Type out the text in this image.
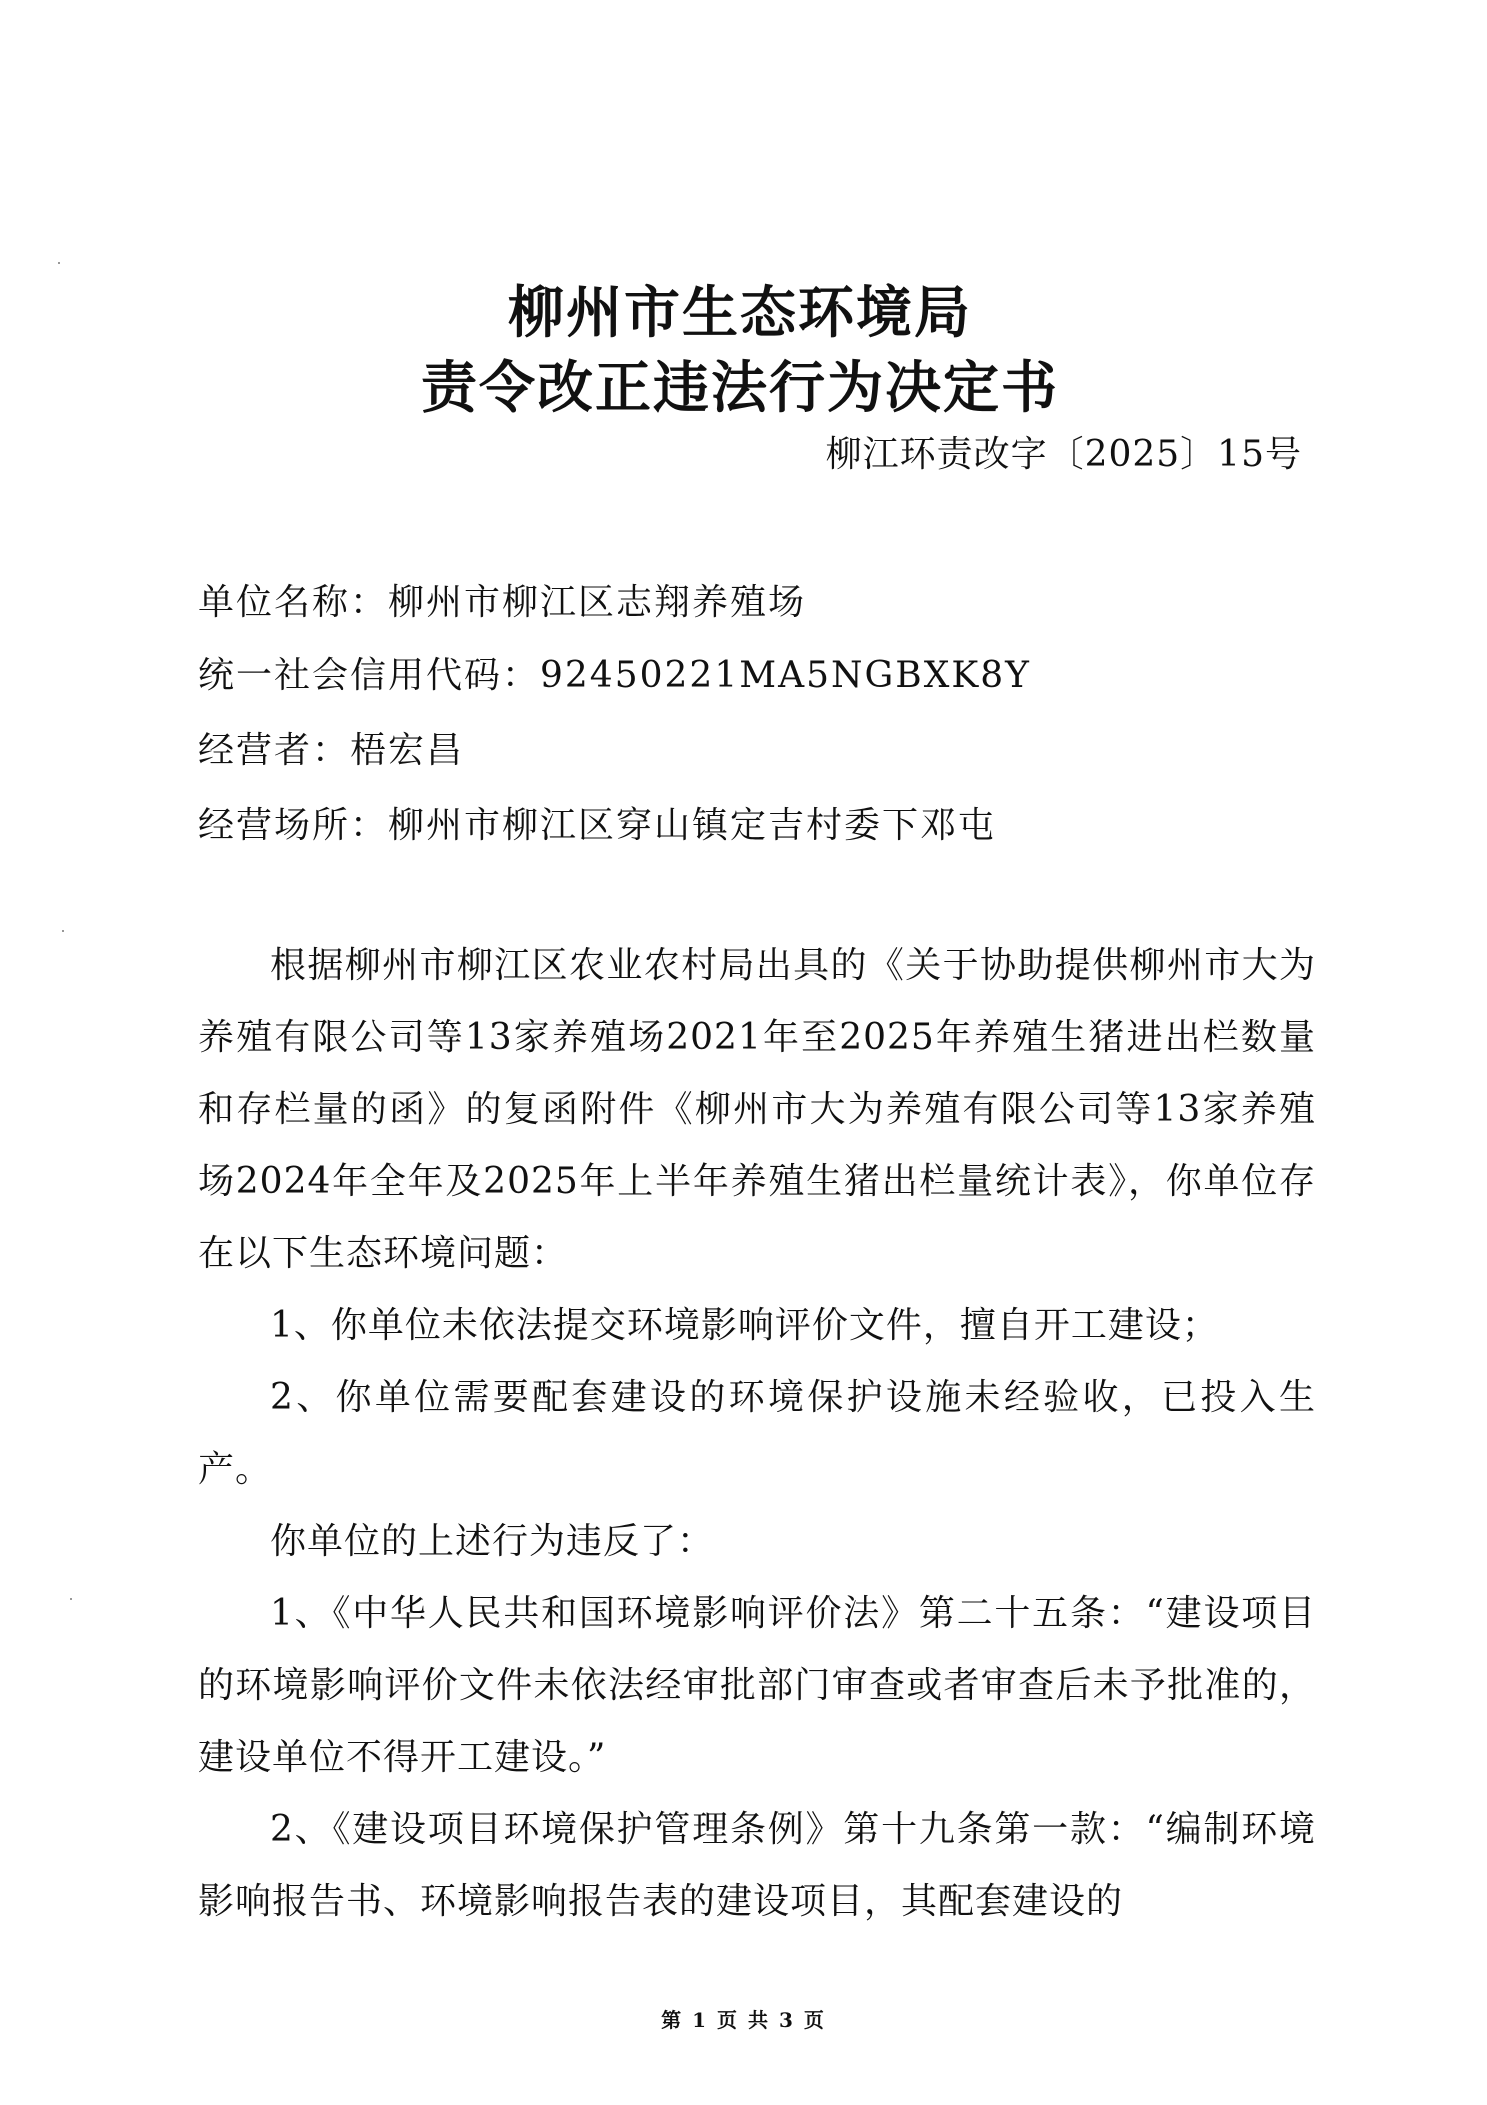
柳州市生态环境局
责令改正违法行为决定书
柳江环责改字〔2025〕15号
单位名称：柳州市柳江区志翔养殖场
统一社会信用代码：92450221MA5NGBXK8Y
经营者：梧宏昌
经营场所：柳州市柳江区穿山镇定吉村委下邓屯

根据柳州市柳江区农业农村局出具的《关于协助提供柳州市大为养殖有限公司等13家养殖场2021年至2025年养殖生猪进出栏数量和存栏量的函》的复函附件《柳州市大为养殖有限公司等13家养殖场2024年全年及2025年上半年养殖生猪出栏量统计表》，你单位存在以下生态环境问题：

1、你单位未依法提交环境影响评价文件，擅自开工建设；

2、你单位需要配套建设的环境保护设施未经验收，已投入生产。

你单位的上述行为违反了：

1、《中华人民共和国环境影响评价法》第二十五条：“建设项目的环境影响评价文件未依法经审批部门审查或者审查后未予批准的，建设单位不得开工建设。”

2、《建设项目环境保护管理条例》第十九条第一款：“编制环境影响报告书、环境影响报告表的建设项目，其配套建设的

第 1 页 共 3 页
